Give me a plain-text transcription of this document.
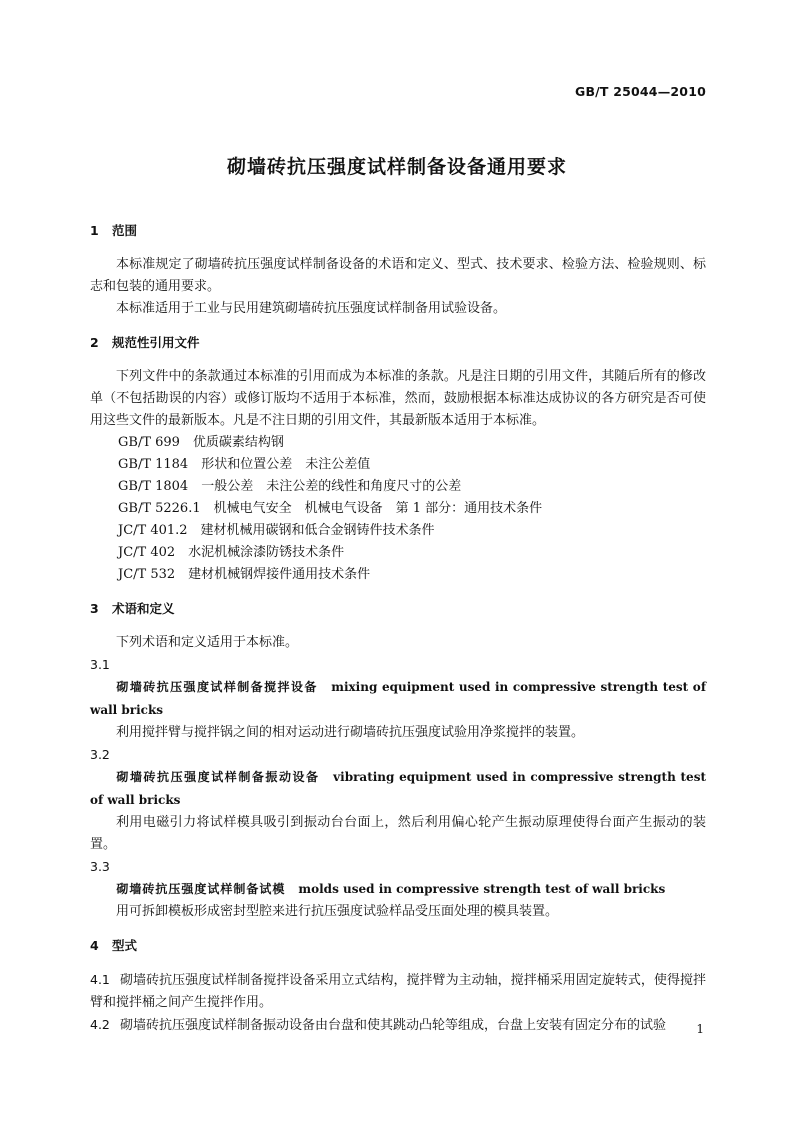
GB/T 25044—2010
砌墙砖抗压强度试样制备设备通用要求

1 范围

本标准规定了砌墙砖抗压强度试样制备设备的术语和定义、型式、技术要求、检验方法、检验规则、标志和包装的通用要求。

本标准适用于工业与民用建筑砌墙砖抗压强度试样制备用试验设备。

2 规范性引用文件

下列文件中的条款通过本标准的引用而成为本标准的条款。凡是注日期的引用文件，其随后所有的修改单（不包括勘误的内容）或修订版均不适用于本标准，然而，鼓励根据本标准达成协议的各方研究是否可使用这些文件的最新版本。凡是不注日期的引用文件，其最新版本适用于本标准。

GB/T 699　优质碳素结构钢

GB/T 1184　形状和位置公差　未注公差值

GB/T 1804　一般公差　未注公差的线性和角度尺寸的公差

GB/T 5226.1　机械电气安全　机械电气设备　第 1 部分：通用技术条件

JC/T 401.2　建材机械用碳钢和低合金钢铸件技术条件

JC/T 402　水泥机械涂漆防锈技术条件

JC/T 532　建材机械钢焊接件通用技术条件

3 术语和定义

下列术语和定义适用于本标准。

3.1

砌墙砖抗压强度试样制备搅拌设备　 mixing equipment used in compressive strength test of wall bricks

利用搅拌臂与搅拌锅之间的相对运动进行砌墙砖抗压强度试验用净浆搅拌的装置。

3.2

砌墙砖抗压强度试样制备振动设备　 vibrating equipment used in compressive strength test of wall bricks

利用电磁引力将试样模具吸引到振动台台面上，然后利用偏心轮产生振动原理使得台面产生振动的装置。

3.3

砌墙砖抗压强度试样制备试模　 molds used in compressive strength test of wall bricks

用可拆卸模板形成密封型腔来进行抗压强度试验样品受压面处理的模具装置。

4 型式

4.1 砌墙砖抗压强度试样制备搅拌设备采用立式结构，搅拌臂为主动轴，搅拌桶采用固定旋转式，使得搅拌臂和搅拌桶之间产生搅拌作用。

4.2 砌墙砖抗压强度试样制备振动设备由台盘和使其跳动凸轮等组成，台盘上安装有固定分布的试验	1
